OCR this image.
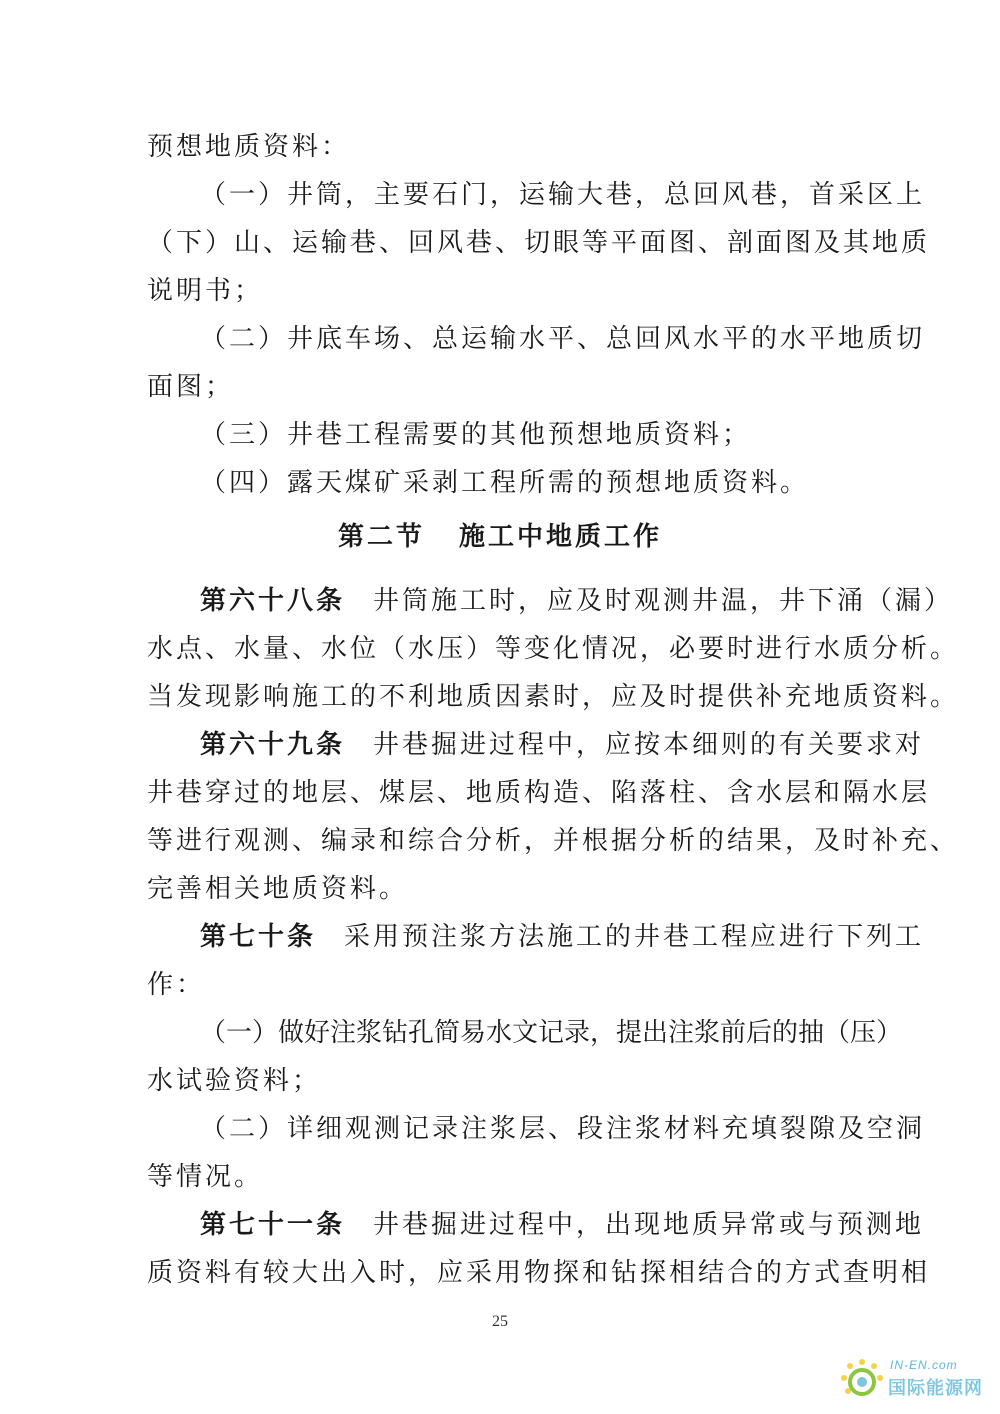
预想地质资料：
（一）井筒，主要石门，运输大巷，总回风巷，首采区上
（下）山、运输巷、回风巷、切眼等平面图、剖面图及其地质
说明书；
（二）井底车场、总运输水平、总回风水平的水平地质切
面图；
（三）井巷工程需要的其他预想地质资料；
（四）露天煤矿采剥工程所需的预想地质资料。
第二节 施工中地质工作
第六十八条 井筒施工时，应及时观测井温，井下涌（漏）
水点、水量、水位（水压）等变化情况，必要时进行水质分析。
当发现影响施工的不利地质因素时，应及时提供补充地质资料。
第六十九条 井巷掘进过程中，应按本细则的有关要求对
井巷穿过的地层、煤层、地质构造、陷落柱、含水层和隔水层
等进行观测、编录和综合分析，并根据分析的结果，及时补充、
完善相关地质资料。
第七十条 采用预注浆方法施工的井巷工程应进行下列工
作：
（一）做好注浆钻孔简易水文记录，提出注浆前后的抽（压）
水试验资料；
（二）详细观测记录注浆层、段注浆材料充填裂隙及空洞
等情况。
第七十一条 井巷掘进过程中，出现地质异常或与预测地
质资料有较大出入时，应采用物探和钻探相结合的方式查明相
25
IN-EN.com
国际能源网
